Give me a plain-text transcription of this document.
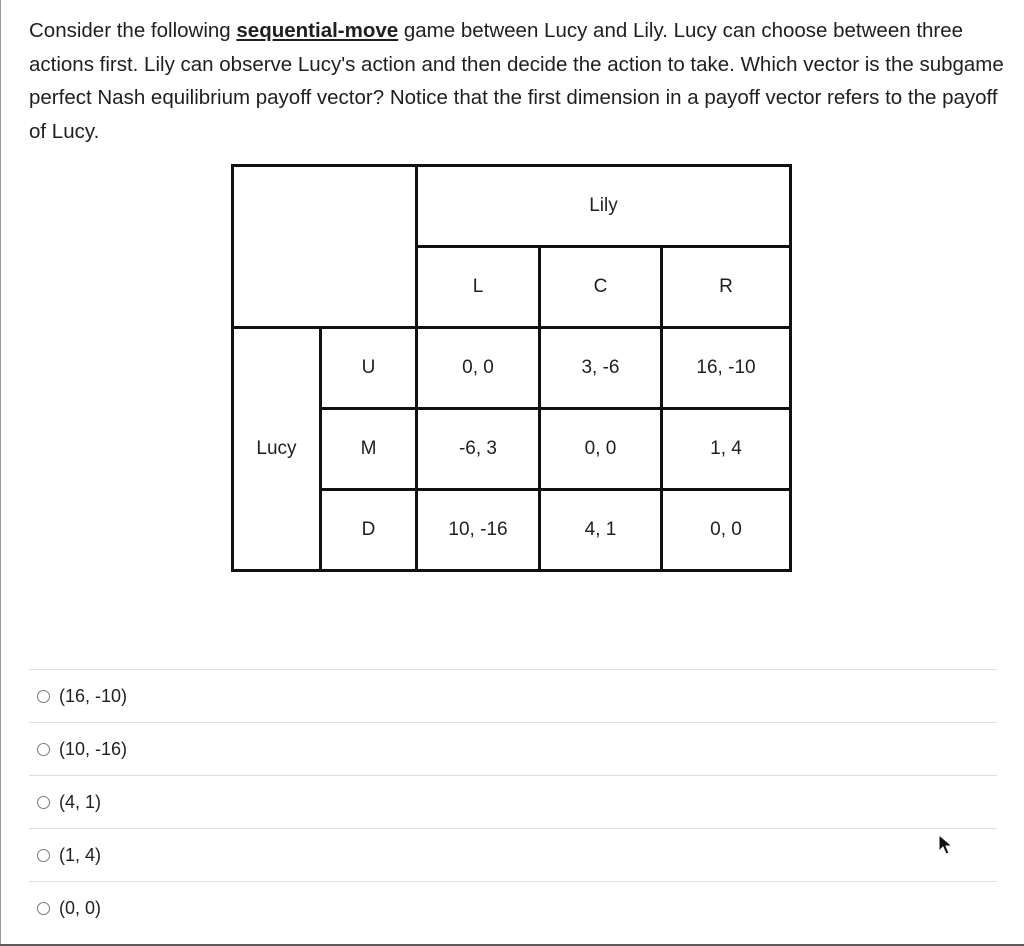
Consider the following sequential-move game between Lucy and Lily. Lucy can choose between three actions first. Lily can observe Lucy's action and then decide the action to take. Which vector is the subgame perfect Nash equilibrium payoff vector? Notice that the first dimension in a payoff vector refers to the payoff of Lucy.
		Lily		
		L	C	R
Lucy	U	0, 0	3, -6	16, -10
	M	-6, 3	0, 0	1, 4
	D	10, -16	4, 1	0, 0
(16, -10)
(10, -16)
(4, 1)
(1, 4)
(0, 0)
